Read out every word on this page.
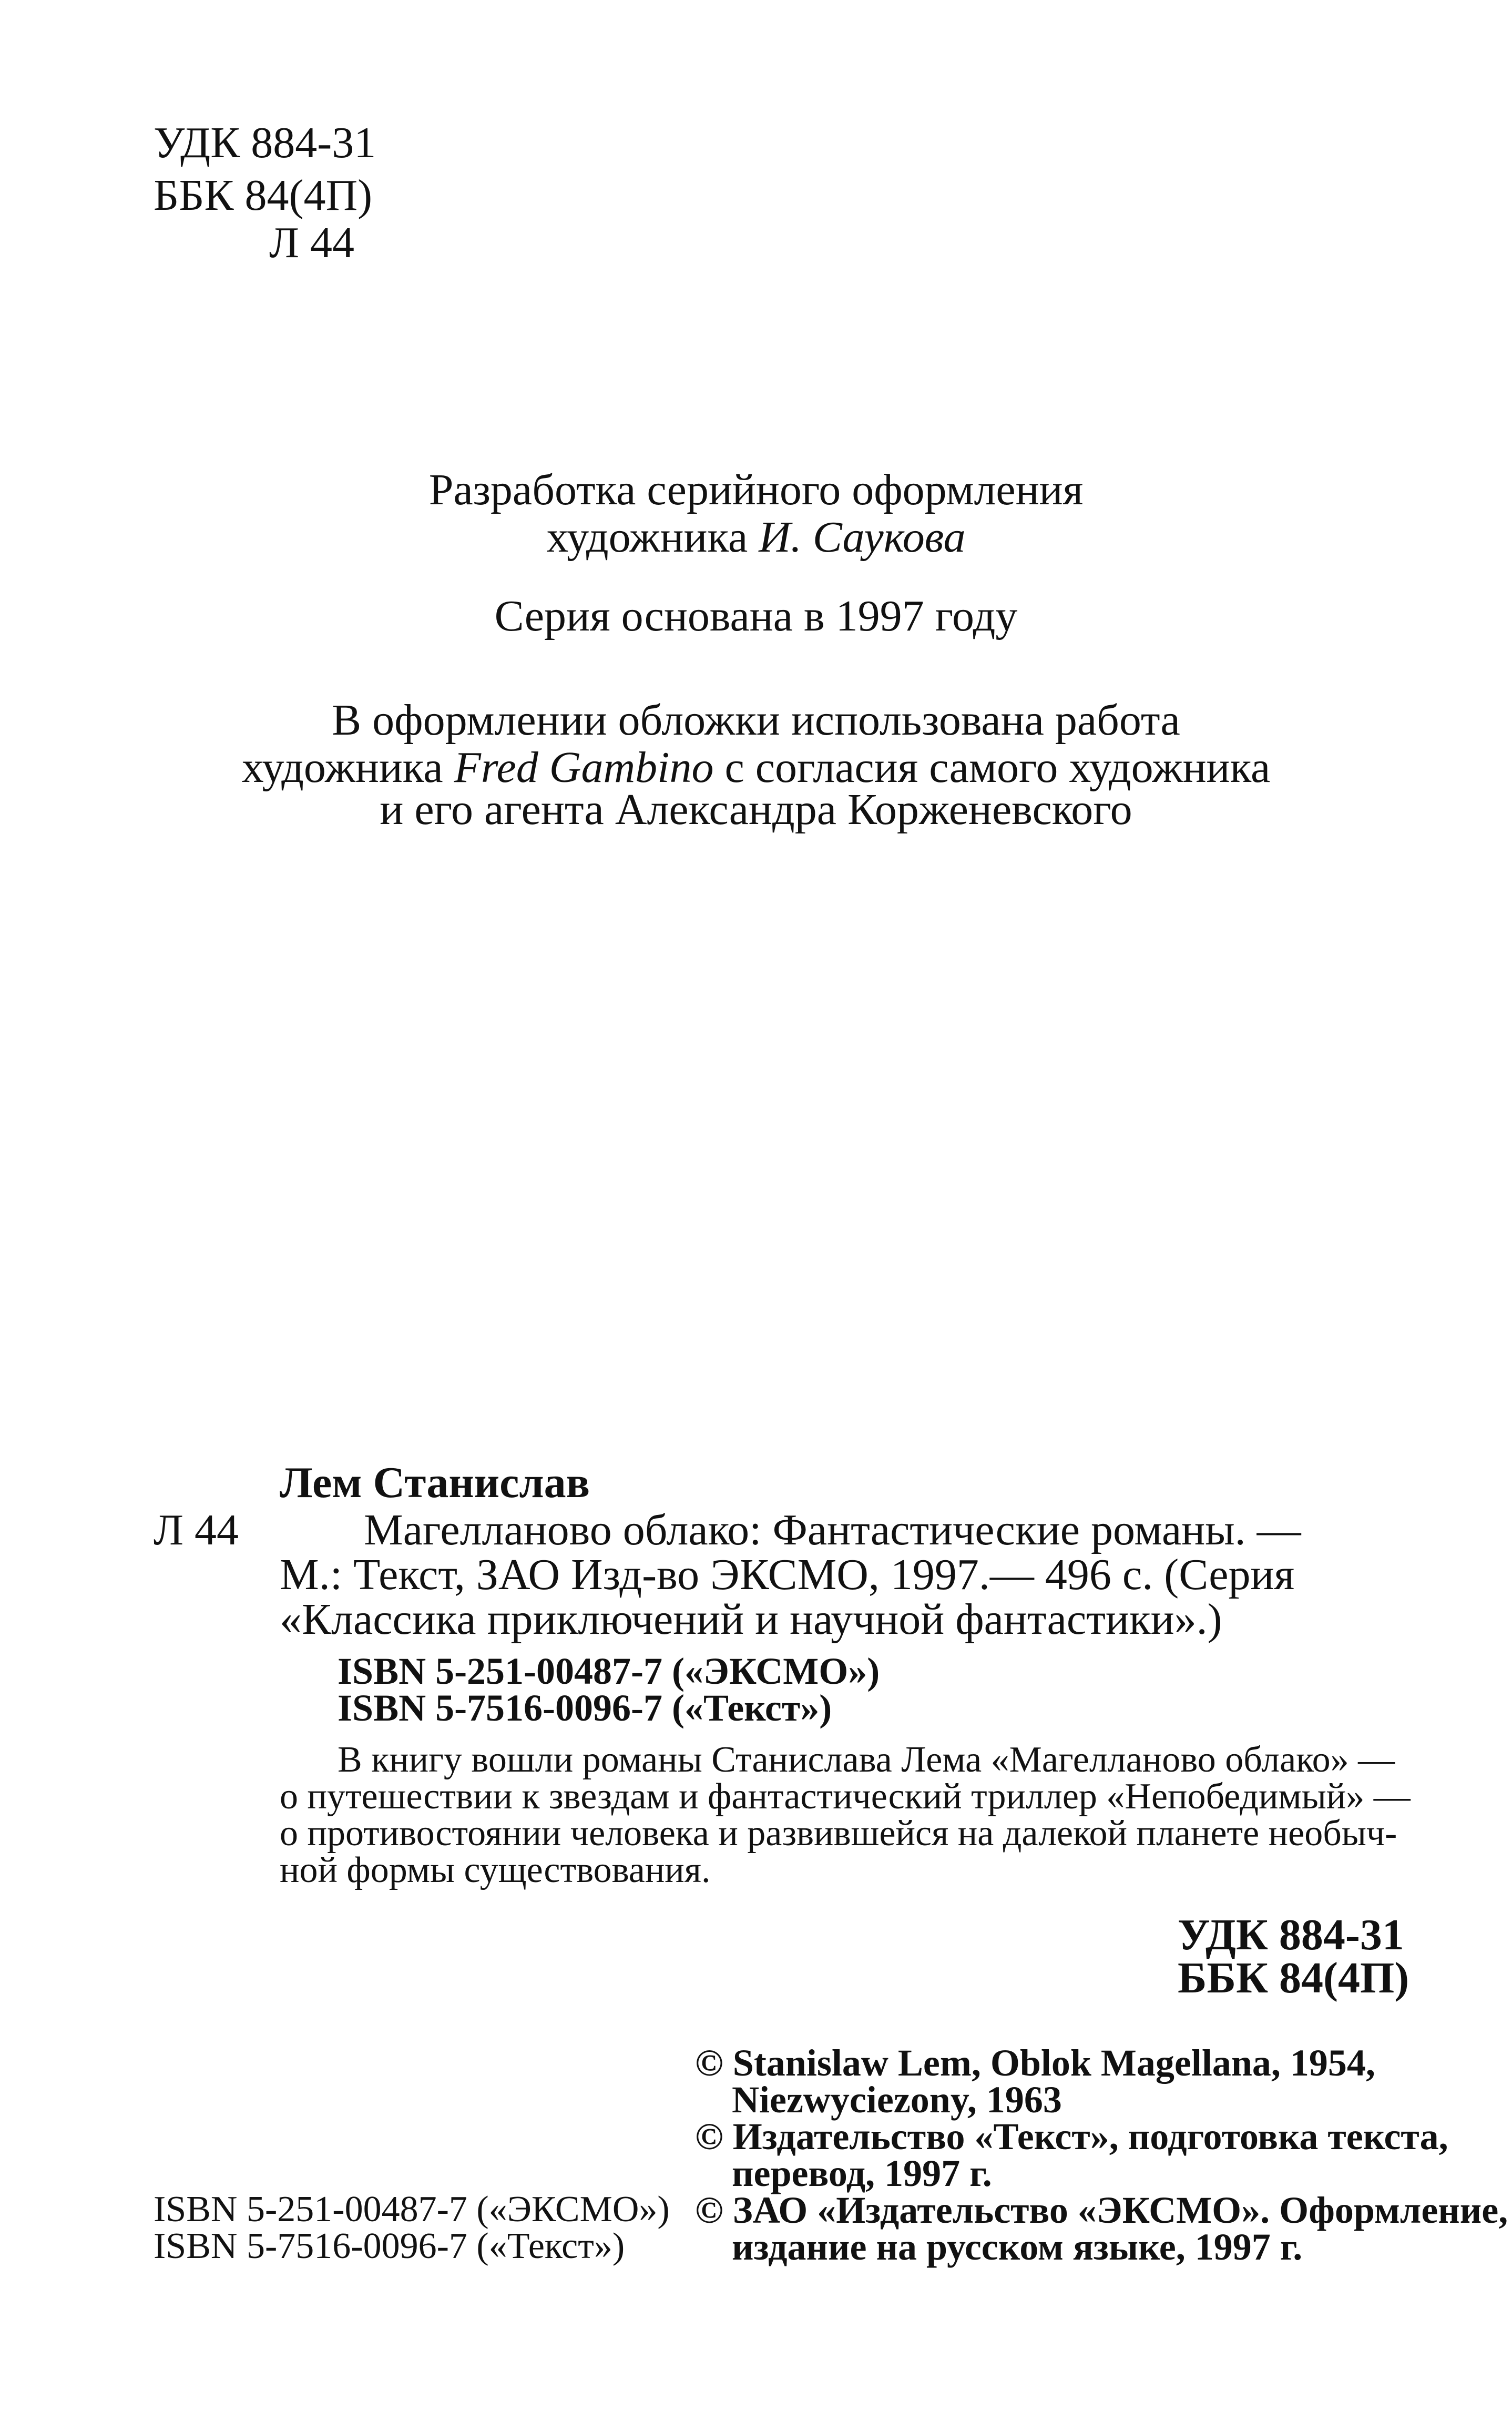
УДК 884-31
ББК 84(4П)
Л 44
Разработка серийного оформления
художника И. Саукова
Серия основана в 1997 году
В оформлении обложки использована работа
художника Fred Gambino с согласия самого художника
и его агента Александра Корженевского
Лем Станислав
Л 44	Магелланово облако: Фантастические романы. —
М.: Текст, ЗАО Изд-во ЭКСМО, 1997.— 496 с. (Серия
«Классика приключений и научной фантастики».)
ISBN 5-251-00487-7 («ЭКСМО»)
ISBN 5-7516-0096-7 («Текст»)
В книгу вошли романы Станислава Лема «Магелланово облако» —
о путешествии к звездам и фантастический триллер «Непобедимый» —
о противостоянии человека и развившейся на далекой планете необыч-
ной формы существования.
УДК 884-31
ББК 84(4П)
© Stanislaw Lem, Oblok Magellana, 1954,
Niezwyciezony, 1963
© Издательство «Текст», подготовка текста,
перевод, 1997 г.
© ЗАО «Издательство «ЭКСМО». Оформление,
издание на русском языке, 1997 г.
ISBN 5-251-00487-7 («ЭКСМО»)
ISBN 5-7516-0096-7 («Текст»)
